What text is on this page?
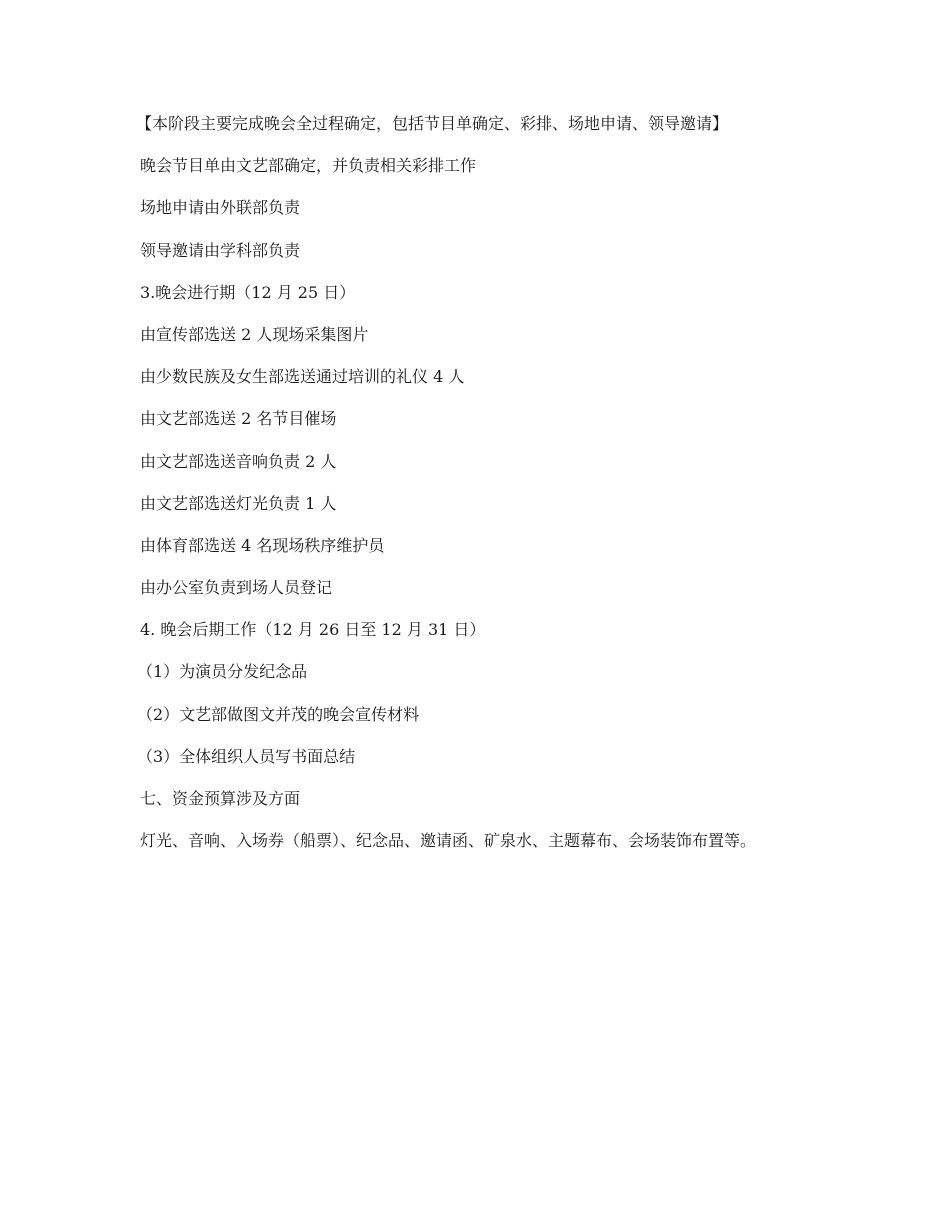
【本阶段主要完成晚会全过程确定，包括节目单确定、彩排、场地申请、领导邀请】

晚会节目单由文艺部确定，并负责相关彩排工作

场地申请由外联部负责

领导邀请由学科部负责

3.晚会进行期（12 月 25 日）

由宣传部选送 2 人现场采集图片

由少数民族及女生部选送通过培训的礼仪 4 人

由文艺部选送 2 名节目催场

由文艺部选送音响负责 2 人

由文艺部选送灯光负责 1 人

由体育部选送 4 名现场秩序维护员

由办公室负责到场人员登记

4. 晚会后期工作（12 月 26 日至 12 月 31 日）

（1）为演员分发纪念品

（2）文艺部做图文并茂的晚会宣传材料

（3）全体组织人员写书面总结

七、资金预算涉及方面

灯光、音响、入场券（船票）、纪念品、邀请函、矿泉水、主题幕布、会场装饰布置等。
